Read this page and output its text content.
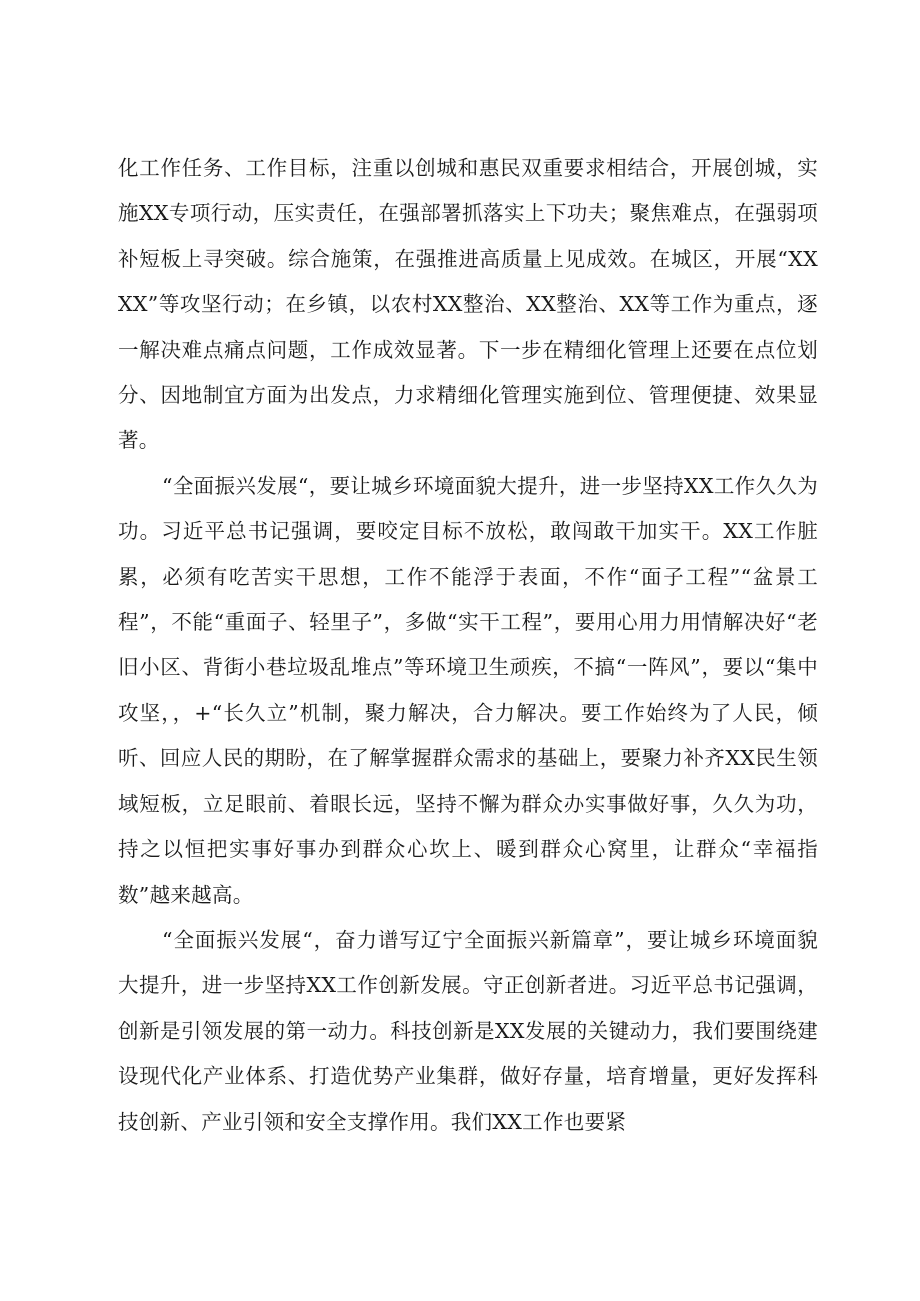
化工作任务、工作目标，注重以创城和惠民双重要求相结合，开展创城，实施XX专项行动，压实责任，在强部署抓落实上下功夫；聚焦难点，在强弱项补短板上寻突破。综合施策，在强推进高质量上见成效。在城区，开展“XXXX”等攻坚行动；在乡镇，以农村XX整治、XX整治、XX等工作为重点，逐一解决难点痛点问题，工作成效显著。下一步在精细化管理上还要在点位划分、因地制宜方面为出发点，力求精细化管理实施到位、管理便捷、效果显著。

“全面振兴发展“，要让城乡环境面貌大提升，进一步坚持XX工作久久为功。习近平总书记强调，要咬定目标不放松，敢闯敢干加实干。XX工作脏累，必须有吃苦实干思想，工作不能浮于表面，不作“面子工程”“盆景工程”，不能“重面子、轻里子”，多做“实干工程”，要用心用力用情解决好“老旧小区、背街小巷垃圾乱堆点”等环境卫生顽疾，不搞“一阵风”，要以“集中攻坚，，+“长久立”机制，聚力解决，合力解决。要工作始终为了人民，倾听、回应人民的期盼，在了解掌握群众需求的基础上，要聚力补齐XX民生领域短板，立足眼前、着眼长远，坚持不懈为群众办实事做好事，久久为功，持之以恒把实事好事办到群众心坎上、暖到群众心窝里，让群众“幸福指数”越来越高。

“全面振兴发展“，奋力谱写辽宁全面振兴新篇章”，要让城乡环境面貌大提升，进一步坚持XX工作创新发展。守正创新者进。习近平总书记强调，创新是引领发展的第一动力。科技创新是XX发展的关键动力，我们要围绕建设现代化产业体系、打造优势产业集群，做好存量，培育增量，更好发挥科技创新、产业引领和安全支撑作用。我们XX工作也要紧
